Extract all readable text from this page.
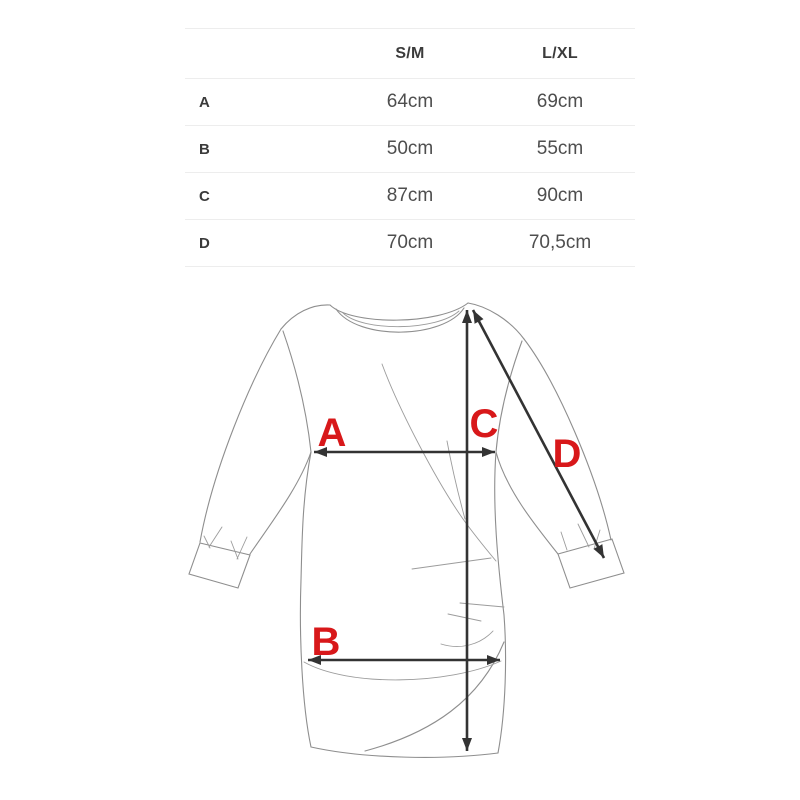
S/M	L/XL
A	64cm	69cm
B	50cm	55cm
C	87cm	90cm
D	70cm	70,5cm
A
B
C
D
